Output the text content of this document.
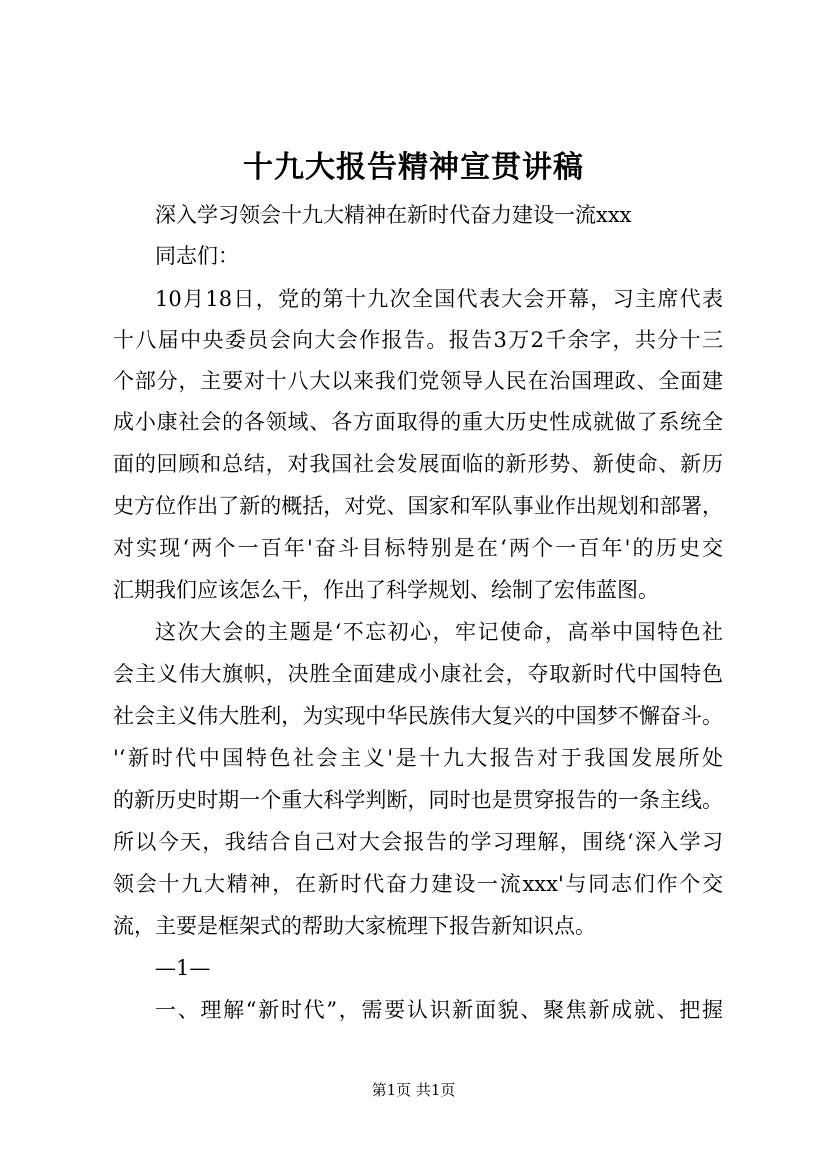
十九大报告精神宣贯讲稿
深入学习领会十九大精神在新时代奋力建设一流xxx
同志们：
10月18日，党的第十九次全国代表大会开幕，习主席代表
十八届中央委员会向大会作报告。报告3万2千余字，共分十三
个部分，主要对十八大以来我们党领导人民在治国理政、全面建
成小康社会的各领域、各方面取得的重大历史性成就做了系统全
面的回顾和总结，对我国社会发展面临的新形势、新使命、新历
史方位作出了新的概括，对党、国家和军队事业作出规划和部署，
对实现‘两个一百年'奋斗目标特别是在‘两个一百年'的历史交
汇期我们应该怎么干，作出了科学规划、绘制了宏伟蓝图。
这次大会的主题是‘不忘初心，牢记使命，高举中国特色社
会主义伟大旗帜，决胜全面建成小康社会，夺取新时代中国特色
社会主义伟大胜利，为实现中华民族伟大复兴的中国梦不懈奋斗。
'‘新时代中国特色社会主义'是十九大报告对于我国发展所处
的新历史时期一个重大科学判断，同时也是贯穿报告的一条主线。
所以今天，我结合自己对大会报告的学习理解，围绕‘深入学习
领会十九大精神，在新时代奋力建设一流xxx'与同志们作个交
流，主要是框架式的帮助大家梳理下报告新知识点。
—1—
一、理解“新时代”，需要认识新面貌、聚焦新成就、把握
第1页 共1页
